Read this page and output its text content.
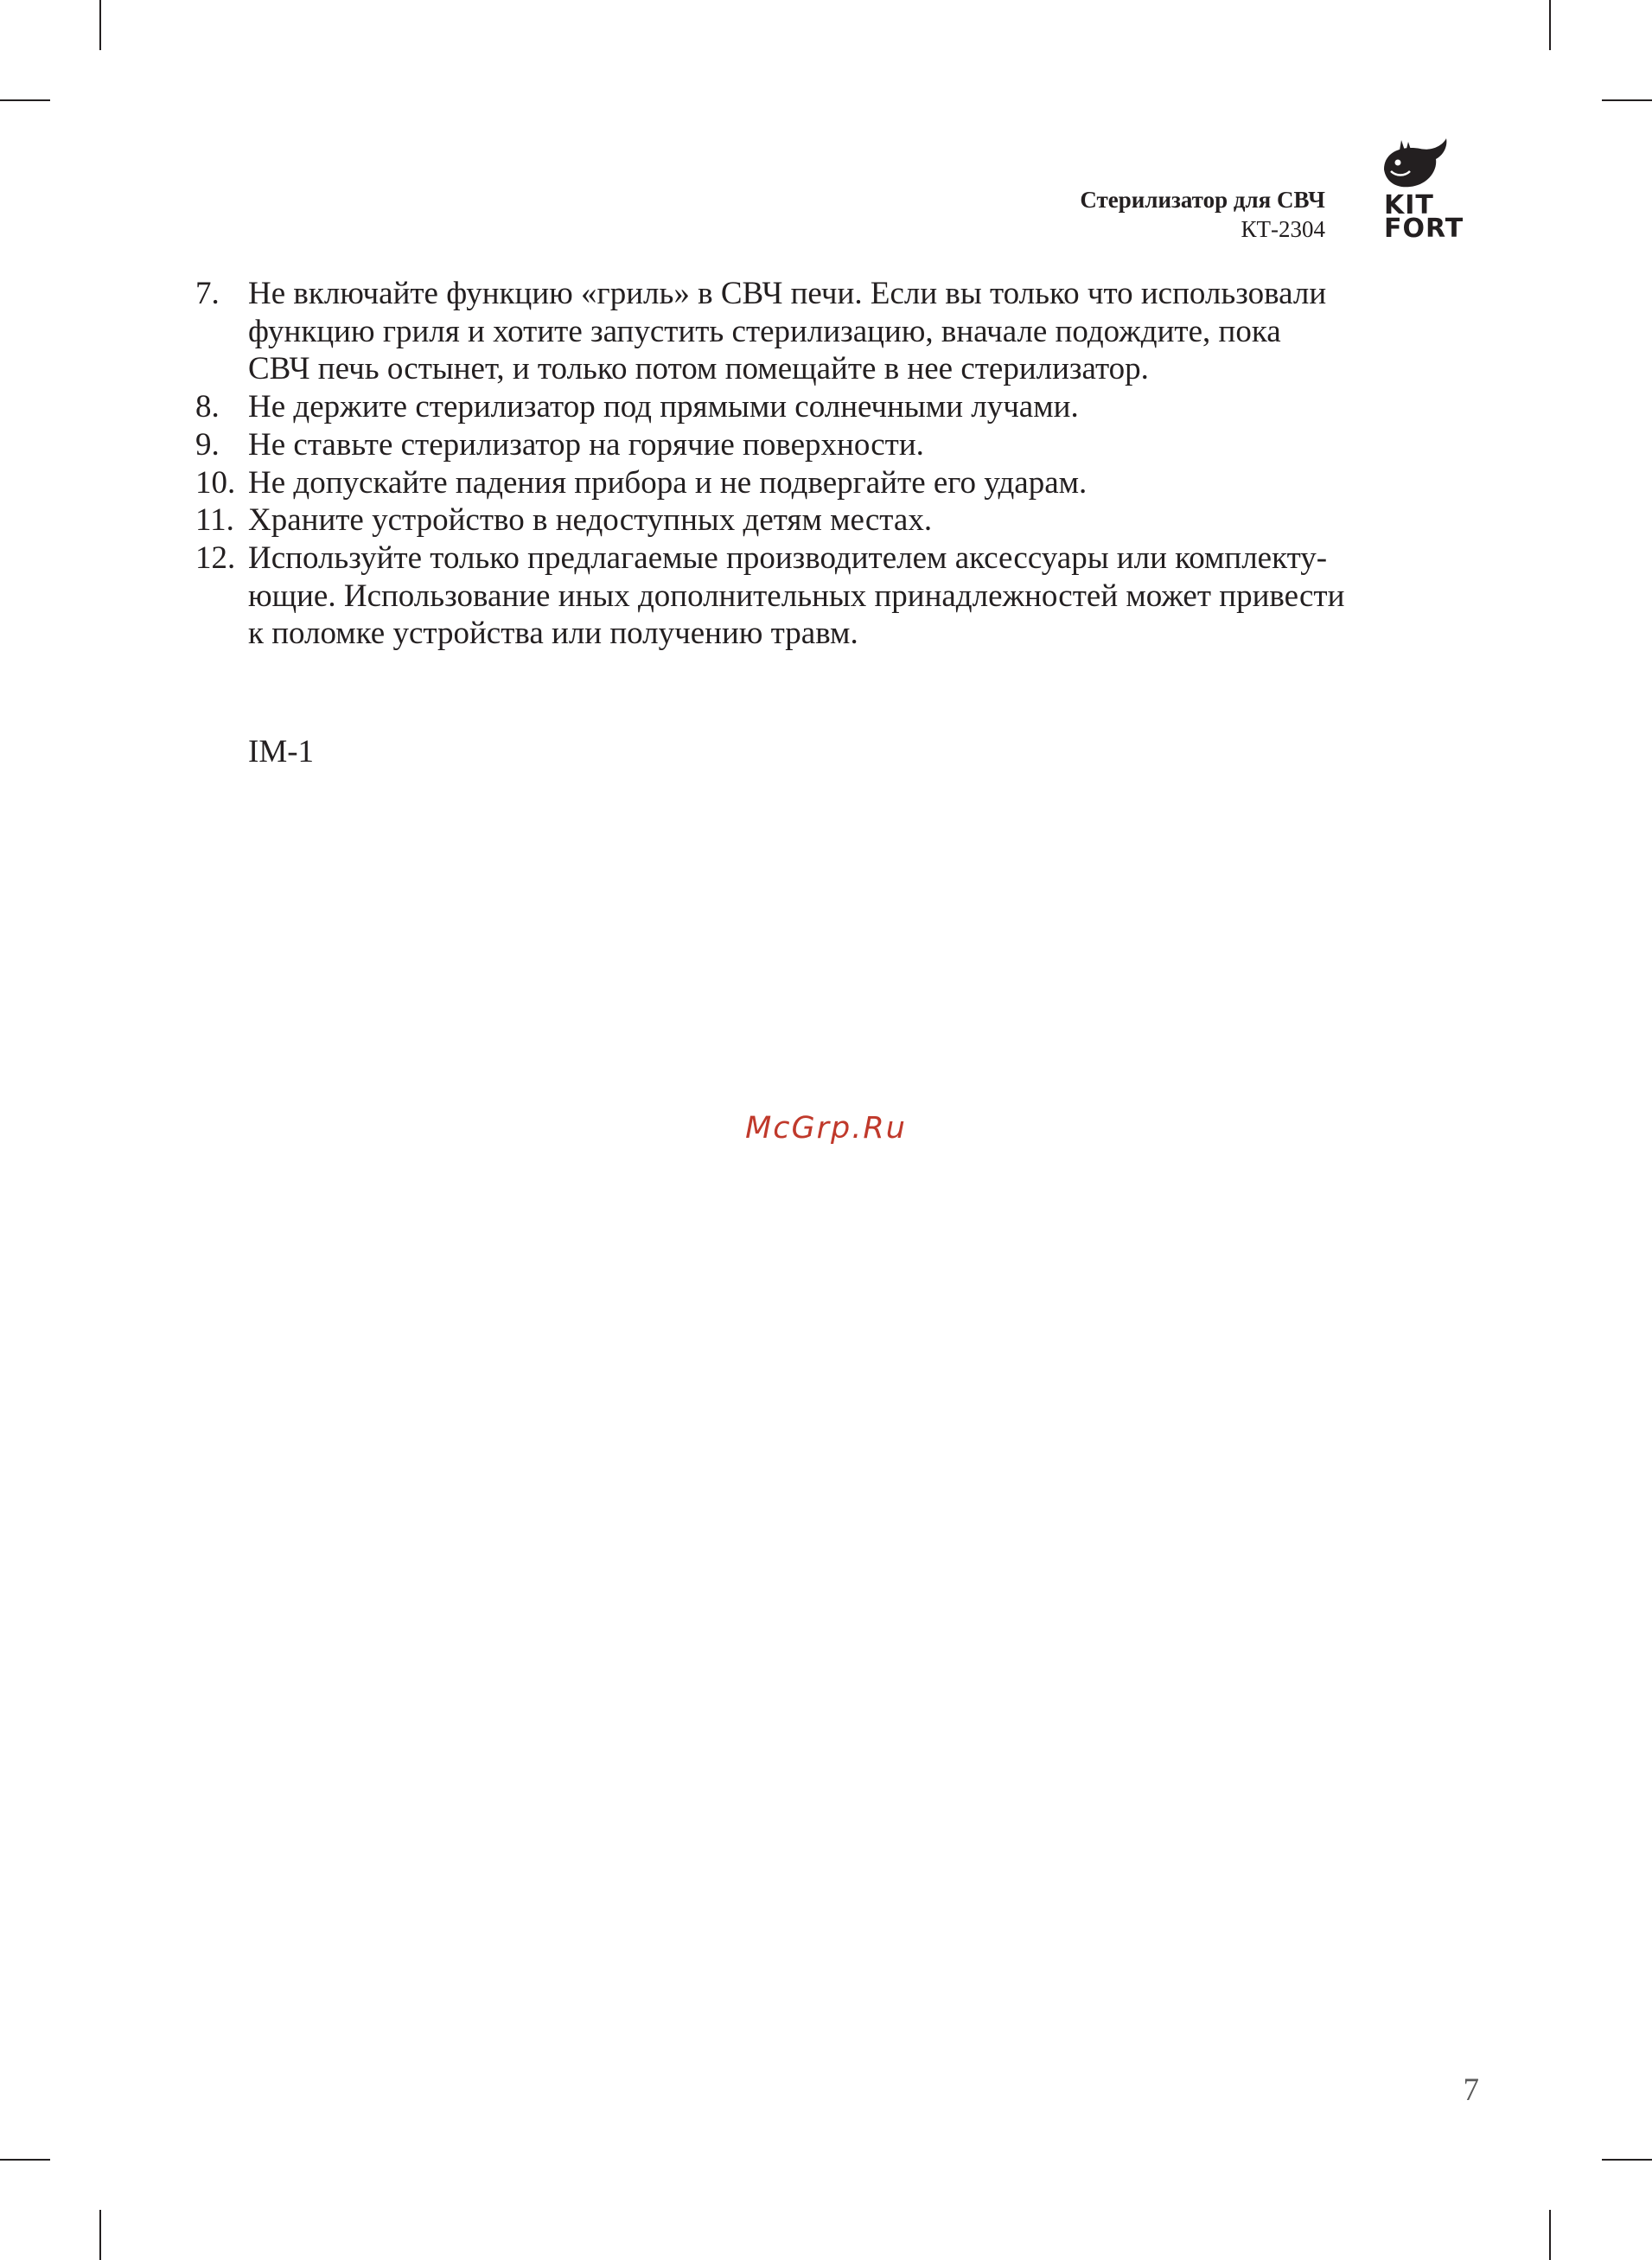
Стерилизатор для СВЧ
КТ-2304
KIT
FORT
7. Не включайте функцию «гриль» в СВЧ печи. Если вы только что использовали
функцию гриля и хотите запустить стерилизацию, вначале подождите, пока
СВЧ печь остынет, и только потом помещайте в нее стерилизатор.
8. Не держите стерилизатор под прямыми солнечными лучами.
9. Не ставьте стерилизатор на горячие поверхности.
10. Не допускайте падения прибора и не подвергайте его ударам.
11. Храните устройство в недоступных детям местах.
12. Используйте только предлагаемые производителем аксессуары или комплекту-
ющие. Использование иных дополнительных принадлежностей может привести
к поломке устройства или получению травм.
IM-1
McGrp.Ru
7
